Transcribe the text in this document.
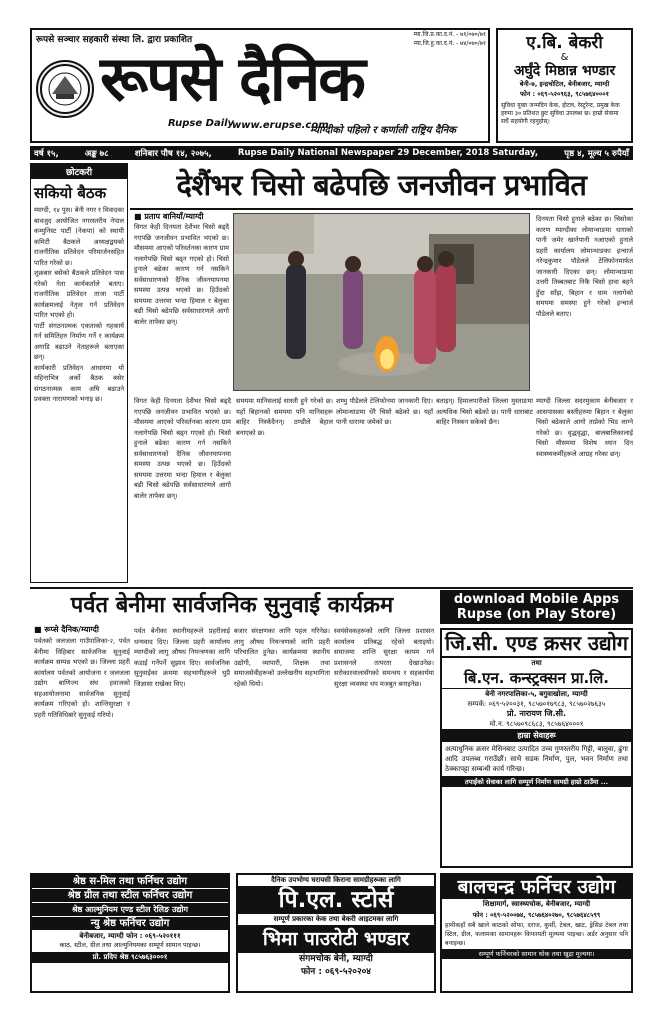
रूपसे सञ्चार सहकारी संस्था लि. द्वारा प्रकाशित
म्या.जि.प्र.का.द.नं. - ७१/०७०/७१
म्या.जि.हु.का.द.नं. - ७४/०७०/७१
रूपसे दैनिक
Rupse Daily
www.erupse.com
म्याग्दीको पहिलो र कर्णाली राष्ट्रिय दैनिक
ए.बि. बेकरी
&
अर्घुंदे मिष्ठान्न भण्डार
बेनी-७, इन्द्रचोटिल, बेनीबजार, म्याग्दी
फोन : ०६९-५२०९६३, ९८५७६४०००१
सुविधा युक्त जन्मदिन केक, होटल, रेस्टुरेन्ट, प्रमुख केक हरुमा ३० प्रतिशत छुट सुविधा उपलब्ध छ। हाम्रो सेवामा सधैं सहयोगी रहनुहोस्।
वर्ष १५,	अङ्क ७८	शनिबार पौष १४, २०७५,	Rupse Daily National Newspaper 29 December, 2018 Saturday,	पृष्ठ ४, मूल्य ५ रुपैयाँ
छोटकरी
सकियो बैठक

म्याग्दी, १४ पुस। बेनी नगर र विवादका बावजुद आयोजित नगरस्तरीय नेपाल कम्युनिस्ट पार्टी (नेकपा) को स्थायी कमिटी बैठकले अध्यक्षद्वयको राजनीतिक प्रतिवेदन परिमार्जनसहित पारित गरेको छ।

शुक्रबार बसेको बैठकले प्रतिवेदन पास गरेको नेता कार्यकर्ताले बताए। राजनीतिक प्रतिवेदन ताजा पार्टी कार्यक्रमलाई नेतृत्व गर्न प्रतिवेदन पारित भएको हो।

पार्टी संगठनात्मक एकताको गहकार्य गर्न समितिहरु निर्माण गर्ने र कार्यक्रम अगाडि बढाउने नेताहरूले बताएका छन्।

कार्यकारी प्रतिवेदन आधारमा यो महिनाभित्र अर्को बैठक बसेर संगठनात्मक काम अघि बढाउने प्रवक्ता नारायणको भनाइ छ।

देशैंभर चिसो बढेपछि जनजीवन प्रभावित
■ प्रताप बानियाँ/म्याग्दी
विगत केही दिनयता देशैंभर चिसो बढ्दै गएपछि जनजीवन प्रभावित भएको छ। मौसममा आएको परिवर्तनका कारण ग्राम नलागेपछि चिसो बढ्न गएको हो। चिसो हुनाले बढेका कारण गर्न नसकिने सर्वसाधारणको दैनिक जीवनयापनमा समस्या उत्पन्न भएको छ। हिउँदको समयमा उत्तरमा भन्दा हिमाल र बेलुका बढी चिसो बढेपछि सर्वसाधारणले आगो बालेर तापेका छन्।
दिनयता चिसो हुनाले बढेका छ। चिसोका कारण म्याग्दीका लोमान्थाङमा धाराको पानी जमेर खानेपानी नआएको हुनाले प्रहरी कार्यालय लोमान्थाङका इन्चार्ज नरेन्द्रकुमार पौडेलले टेलिफोनमार्फत जानकारी दिएका छन्। लोमान्थाङमा उत्तरी तिब्बतबाट निकै चिसो हावा बहने हुँदा साँझ, बिहान र धाम नलागेको समयमा समस्या हुने गरेको इन्चार्ज पौडेलले बताए।
समयमा मानिसलाई सास्ती हुने गरेको छ। यहाँ बिहानको समयमा पनि मानिसहरू बाहिर निस्कँदैनन्। ठण्डीले बेहाल बनाएको छ।
शम्भु पौडेलले टेलिफोनमा जानकारी दिए। लोमान्थाङमा धेरै चिसो बढेको छ। यहाँ पानी धारामा जमेको छ।
बताइन्। हिमालपारीको जिल्ला मुस्ताङमा अत्यधिक चिसो बढेको छ। पानी धाराबाट बाहिर निस्कन सकेको छैन।
म्याग्दी जिल्ला सदरमुकाम बेनीबजार र आसपासका बस्तीहरुमा बिहान र बेलुका चिसो बढेकाले आगो ताप्नेको भिड लाग्ने गरेको छ। वृद्धवृद्धा, बालबालिकालाई चिसो मौसममा विशेष ध्यान दिन स्वास्थ्यकर्मीहरूले आग्रह गरेका छन्।
विगत केही दिनयता देशैंभर चिसो बढ्दै गएपछि जनजीवन प्रभावित भएको छ। मौसममा आएको परिवर्तनका कारण ग्राम नलागेपछि चिसो बढ्न गएको हो। चिसो हुनाले बढेका कारण गर्न नसकिने सर्वसाधारणको दैनिक जीवनयापनमा समस्या उत्पन्न भएको छ। हिउँदको समयमा उत्तरमा भन्दा हिमाल र बेलुका बढी चिसो बढेपछि सर्वसाधारणले आगो बालेर तापेका छन्।
पर्वत बेनीमा सार्वजनिक सुनुवाई कार्यक्रम
■ रूप्से दैनिक/म्याग्दी
पर्वतको जलजला गाउँपालिका-२, पर्वत बेनीमा विहिबार सार्वजनिक सुनुवाई कार्यक्रम सम्पन्न भएको छ। जिल्ला प्रहरी कार्यालय पर्वतको आयोजना र जलजला उद्योग बाणिज्य संघ हवाजको सहआयोजनामा सार्वजनिक सुनुवाई कार्यक्रम गरिएको हो। शान्तिसुरक्षा र प्रहरी गतिविधिबारे सुनुवाई गरियो।
पर्वत बेनीका स्थानीयहरूले प्रहरीलाई धन्यवाद दिए। जिल्ला प्रहरी कार्यालय म्याग्दीको लागु औषध नियन्त्रणका लागि कडाई गर्नेपर्ने सुझाव दिए। सार्वजनिक सुनुवाईका क्रममा सहभागीहरूले थुप्रै जिज्ञासा राखेका थिए।
बजार संरक्षणका लागि पहल गरिनेछ। लागु औषध नियन्त्रणको लागि प्रहरी परिचालित हुनेछ। कार्यक्रममा स्थानीय उद्योगी, व्यापारी, शिक्षक तथा समाजसेवीहरूको उल्लेखनीय सहभागिता रहेको थियो।
स्वयंसेवकहरूको लागि जिल्ला प्रशासन कार्यालय प्रतिबद्ध रहेको बताइयो। समाजमा शान्ति सुरक्षा कायम गर्न प्रशासनले तत्परता देखाउनेछ। सरोकारवालासँगको समन्वय र सहकार्यमा सुरक्षा व्यवस्था थप मजबुत बनाइनेछ।
download Mobile Apps
Rupse (on Play Store)
जि.सी. एण्ड क्रसर उद्योग
तथा
बि.एन. कन्स्ट्रक्सन प्रा.लि.
बेनी नगरपालिका-५, बगुवाखोला, म्याग्दी
सम्पर्क: ०६९-५२००३१, ९८५७०१७९८३, ९८५७०२७६३५
प्रो. नारायण जि.सी.
मो.न. ९८५७०९८६८३, ९८५७६४०००१
हाम्रा सेवाहरू
अत्याधुनिक क्रसर मेसिनबाट उत्पादित उच्च गुणस्तरीय गिट्टी, बालुवा, ढुंगा आदि उपलब्ध गराउँछौं। साथै सडक निर्माण, पुल, भवन निर्माण तथा ठेक्कापट्टा सम्बन्धी कार्य गरिन्छ।
तपाईंको सेवाका लागि सम्पूर्ण निर्माण सामग्री हाम्रो ठाउँमा ...
श्रेष्ठ स-मिल तथा फर्निचर उद्योग
श्रेष्ठ ग्रील तथा स्टील फर्निचर उद्योग
श्रेष्ठ आल्मुनियम एण्ड स्टील रेलिङ उद्योग
न्यु श्रेष्ठ फर्निचर उद्योग
बेनीबजार, म्याग्दी फोन : ०६९-५२०१११
काठ, स्टील, ग्रील तथा आल्मुनियमका सम्पूर्ण सामान पाइन्छ।
प्रो. प्रदिप श्रेष्ठ ९८५७६३०००१
दैनिक उपभोग्य घरायसी किराना सामग्रीहरूका लागि
पि.एल. स्टोर्स
सम्पूर्ण प्रकारका केक तथा बेकरी आइटमका लागि
भिमा पाउरोटी भण्डार
संगमचोक बेनी, म्याग्दी
फोन : ०६९-५२०२०४
बालचन्द्र फर्निचर उद्योग
शिक्षामार्ग, स्वास्थ्यचोक, बेनीबजार, म्याग्दी
फोन : ०६९-५२००७४, ९८५७६४०२७०, ९८५७६४८५९९
हामीकहाँ सबै खाले काठको सोफा, दराज, कुर्सी, टेबल, खाट, ड्रेसिङ टेबल तथा स्टिल, ग्रील, फलामका सामानहरू किफायती मूल्यमा पाइन्छ। अर्डर अनुसार पनि बनाइन्छ।
सम्पूर्ण फर्निचरको सामान थोक तथा खुद्रा मूल्यमा।
